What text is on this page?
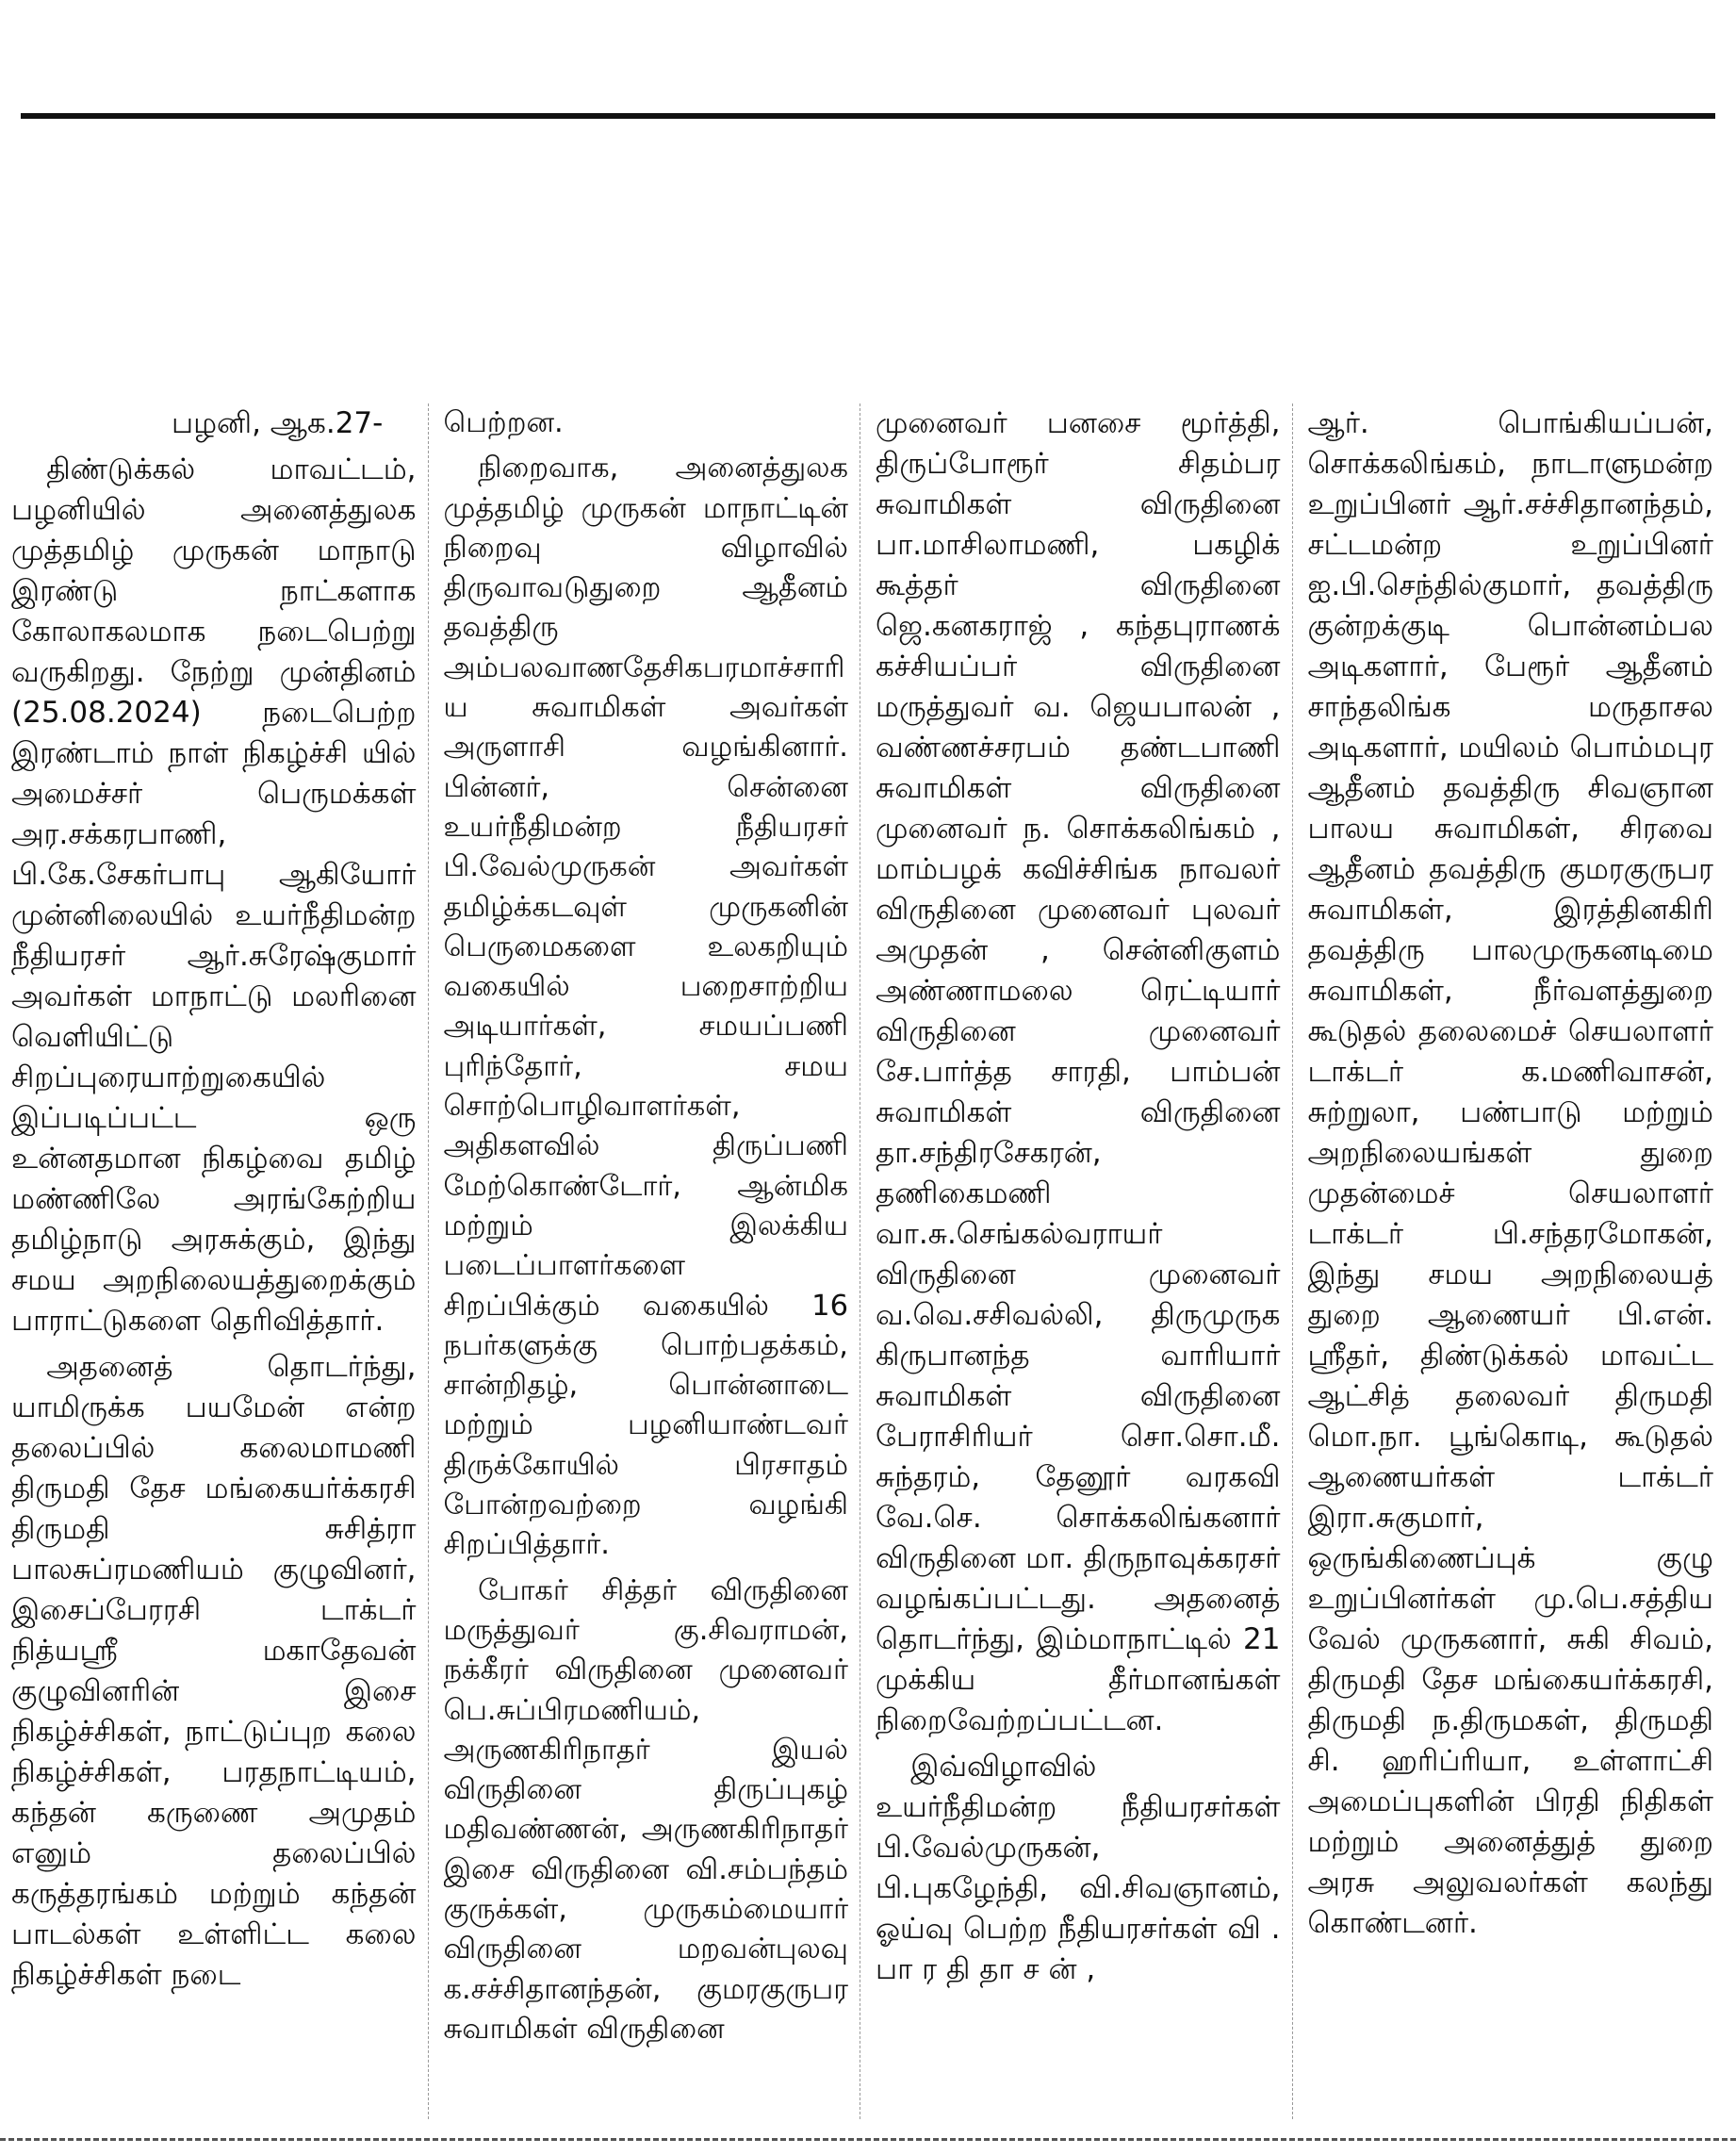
பழனி, ஆக.27-

திண்டுக்கல் மாவட்டம், பழனியில் அனைத்துலக முத்தமிழ் முருகன் மாநாடு இரண்டு நாட்களாக கோலாகலமாக நடைபெற்று வருகிறது. நேற்று முன்தினம் (25.08.2024) நடைபெற்ற இரண்டாம் நாள் நிகழ்ச்சி யில் அமைச்சர் பெருமக்கள் அர.சக்கரபாணி, பி.கே.சேகர்பாபு ஆகியோர் முன்னிலையில் உயர்நீதிமன்ற நீதியரசர் ஆர்.சுரேஷ்குமார் அவர்கள் மாநாட்டு மலரினை வெளியிட்டு சிறப்புரையாற்றுகையில் இப்படிப்பட்ட ஒரு உன்னதமான நிகழ்வை தமிழ் மண்ணிலே அரங்கேற்றிய தமிழ்நாடு அரசுக்கும், இந்து சமய அறநிலையத்துறைக்கும் பாராட்டுகளை தெரிவித்தார்.

அதனைத் தொடர்ந்து, யாமிருக்க பயமேன் என்ற தலைப்பில் கலைமாமணி திருமதி தேச மங்கையர்க்கரசி திருமதி சுசித்ரா பாலசுப்ரமணியம் குழுவினர், இசைப்பேரரசி டாக்டர் நித்யஸ்ரீ மகாதேவன் குழுவினரின் இசை நிகழ்ச்சிகள், நாட்டுப்புற கலை நிகழ்ச்சிகள், பரதநாட்டியம், கந்தன் கருணை அமுதம் எனும் தலைப்பில் கருத்தரங்கம் மற்றும் கந்தன் பாடல்கள் உள்ளிட்ட கலை நிகழ்ச்சிகள் நடை

பெற்றன.

நிறைவாக, அனைத்துலக முத்தமிழ் முருகன் மாநாட்டின் நிறைவு விழாவில் திருவாவடுதுறை ஆதீனம் தவத்திரு அம்பலவாணதேசிகபரமாச்சாரிய சுவாமிகள் அவர்கள் அருளாசி வழங்கினார். பின்னர், சென்னை உயர்நீதிமன்ற நீதியரசர் பி.வேல்முருகன் அவர்கள் தமிழ்க்கடவுள் முருகனின் பெருமைகளை உலகறியும் வகையில் பறைசாற்றிய அடியார்கள், சமயப்பணி புரிந்தோர், சமய சொற்பொழிவாளர்கள், அதிகளவில் திருப்பணி மேற்கொண்டோர், ஆன்மிக மற்றும் இலக்கிய படைப்பாளர்களை சிறப்பிக்கும் வகையில் 16 நபர்களுக்கு பொற்பதக்கம், சான்றிதழ், பொன்னாடை மற்றும் பழனியாண்டவர் திருக்கோயில் பிரசாதம் போன்றவற்றை வழங்கி சிறப்பித்தார்.

போகர் சித்தர் விருதினை மருத்துவர் கு.சிவராமன், நக்கீரர் விருதினை முனைவர் பெ.சுப்பிரமணியம், அருணகிரிநாதர் இயல் விருதினை திருப்புகழ் மதிவண்ணன், அருணகிரிநாதர் இசை விருதினை வி.சம்பந்தம் குருக்கள், முருகம்மையார் விருதினை மறவன்புலவு க.சச்சிதானந்தன், குமரகுருபர சுவாமிகள் விருதினை

முனைவர் பனசை மூர்த்தி, திருப்போரூர் சிதம்பர சுவாமிகள் விருதினை பா.மாசிலாமணி, பகழிக் கூத்தர் விருதினை ஜெ.கனகராஜ் , கந்தபுராணக் கச்சியப்பர் விருதினை மருத்துவர் வ. ஜெயபாலன் , வண்ணச்சரபம் தண்டபாணி சுவாமிகள் விருதினை முனைவர் ந. சொக்கலிங்கம் , மாம்பழக் கவிச்சிங்க நாவலர் விருதினை முனைவர் புலவர் அமுதன் , சென்னிகுளம் அண்ணாமலை ரெட்டியார் விருதினை முனைவர் சே.பார்த்த சாரதி, பாம்பன் சுவாமிகள் விருதினை தா.சந்திரசேகரன், தணிகைமணி வா.சு.செங்கல்வராயர் விருதினை முனைவர் வ.வெ.சசிவல்லி, திருமுருக கிருபானந்த வாரியார் சுவாமிகள் விருதினை பேராசிரியர் சொ.சொ.மீ. சுந்தரம், தேனூர் வரகவி வே.செ. சொக்கலிங்கனார் விருதினை மா. திருநாவுக்கரசர் வழங்கப்பட்டது. அதனைத் தொடர்ந்து, இம்மாநாட்டில் 21 முக்கிய தீர்மானங்கள் நிறைவேற்றப்பட்டன.

இவ்விழாவில் உயர்நீதிமன்ற நீதியரசர்கள் பி.வேல்முருகன், பி.புகழேந்தி, வி.சிவஞானம், ஓய்வு பெற்ற நீதியரசர்கள் வி . பா ர தி தா ச ன் ,

ஆர். பொங்கியப்பன், சொக்கலிங்கம், நாடாளுமன்ற உறுப்பினர் ஆர்.சச்சிதானந்தம், சட்டமன்ற உறுப்பினர் ஐ.பி.செந்தில்குமார், தவத்திரு குன்றக்குடி பொன்னம்பல அடிகளார், பேரூர் ஆதீனம் சாந்தலிங்க மருதாசல அடிகளார், மயிலம் பொம்மபுர ஆதீனம் தவத்திரு சிவஞான பாலய சுவாமிகள், சிரவை ஆதீனம் தவத்திரு குமரகுருபர சுவாமிகள், இரத்தினகிரி தவத்திரு பாலமுருகனடிமை சுவாமிகள், நீர்வளத்துறை கூடுதல் தலைமைச் செயலாளர் டாக்டர் க.மணிவாசன், சுற்றுலா, பண்பாடு மற்றும் அறநிலையங்கள் துறை முதன்மைச் செயலாளர் டாக்டர் பி.சந்தரமோகன், இந்து சமய அறநிலையத் துறை ஆணையர் பி.என். ஸ்ரீதர், திண்டுக்கல் மாவட்ட ஆட்சித் தலைவர் திருமதி மொ.நா. பூங்கொடி, கூடுதல் ஆணையர்கள் டாக்டர் இரா.சுகுமார், ஒருங்கிணைப்புக் குழு உறுப்பினர்கள் மு.பெ.சத்திய வேல் முருகனார், சுகி சிவம், திருமதி தேச மங்கையர்க்கரசி, திருமதி ந.திருமகள், திருமதி சி. ஹரிப்ரியா, உள்ளாட்சி அமைப்புகளின் பிரதி நிதிகள் மற்றும் அனைத்துத் துறை அரசு அலுவலர்கள் கலந்து கொண்டனர்.
